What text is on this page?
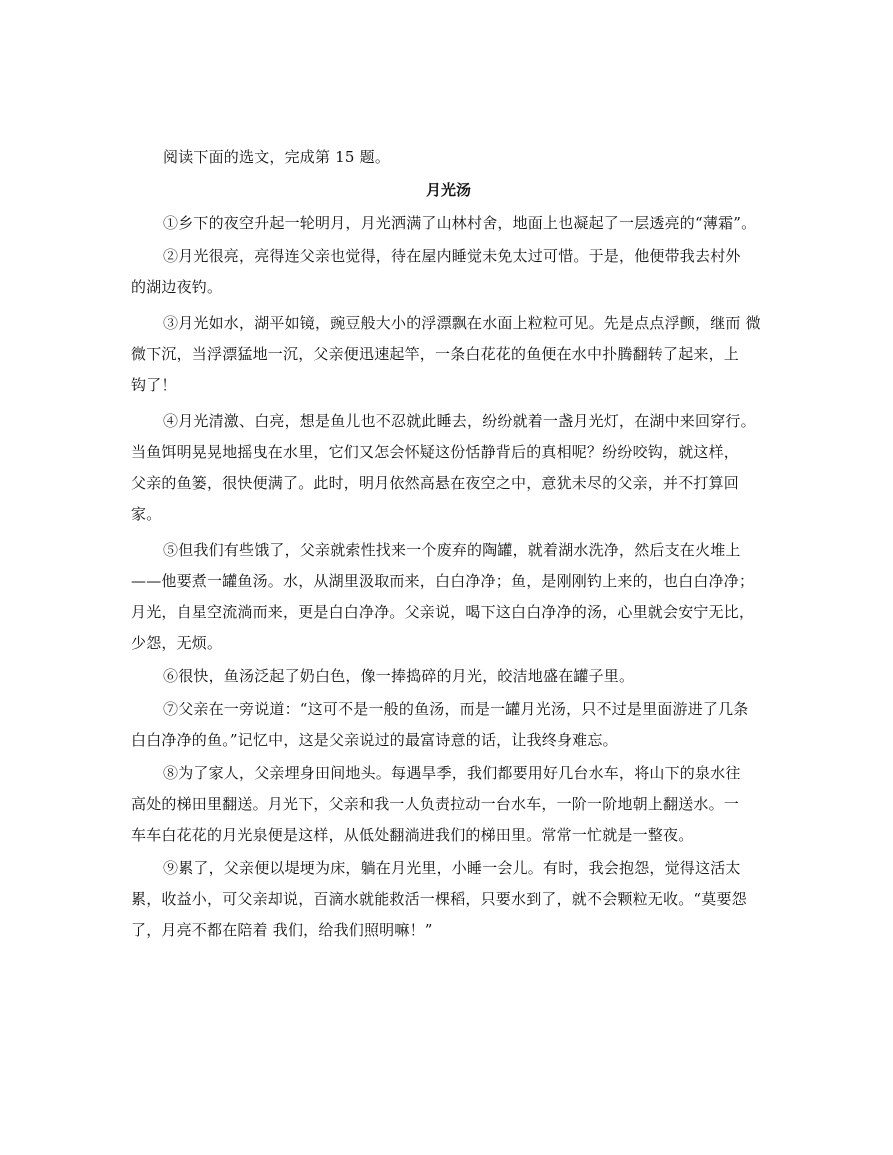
阅读下面的选文，完成第 15 题。
月光汤
①乡下的夜空升起一轮明月，月光洒满了山林村舍，地面上也凝起了一层透亮的“薄霜”。
②月光很亮，亮得连父亲也觉得，待在屋内睡觉未免太过可惜。于是，他便带我去村外
的湖边夜钓。
③月光如水，湖平如镜，豌豆般大小的浮漂飘在水面上粒粒可见。先是点点浮颤，继而 微
微下沉，当浮漂猛地一沉，父亲便迅速起竿，一条白花花的鱼便在水中扑腾翻转了起来，上
钩了！
④月光清激、白亮，想是鱼儿也不忍就此睡去，纷纷就着一盏月光灯，在湖中来回穿行。
当鱼饵明晃晃地摇曳在水里，它们又怎会怀疑这份恬静背后的真相呢？纷纷咬钩，就这样，
父亲的鱼篓，很快便满了。此时，明月依然高悬在夜空之中，意犹未尽的父亲，并不打算回
家。
⑤但我们有些饿了，父亲就索性找来一个废弃的陶罐，就着湖水洗净，然后支在火堆上
——他要煮一罐鱼汤。水，从湖里汲取而来，白白净净；鱼，是刚刚钓上来的，也白白净净；
月光，自星空流淌而来，更是白白净净。父亲说，喝下这白白净净的汤，心里就会安宁无比，
少怨，无烦。
⑥很快，鱼汤泛起了奶白色，像一捧捣碎的月光，皎洁地盛在罐子里。
⑦父亲在一旁说道：“这可不是一般的鱼汤，而是一罐月光汤，只不过是里面游进了几条
白白净净的鱼。”记忆中，这是父亲说过的最富诗意的话，让我终身难忘。
⑧为了家人，父亲埋身田间地头。每遇旱季，我们都要用好几台水车，将山下的泉水往
高处的梯田里翻送。月光下，父亲和我一人负责拉动一台水车，一阶一阶地朝上翻送水。一
车车白花花的月光泉便是这样，从低处翻淌进我们的梯田里。常常一忙就是一整夜。
⑨累了，父亲便以堤埂为床，躺在月光里，小睡一会儿。有时，我会抱怨，觉得这活太
累，收益小，可父亲却说，百滴水就能救活一棵稻，只要水到了，就不会颗粒无收。“莫要怨
了，月亮不都在陪着 我们，给我们照明嘛！”
